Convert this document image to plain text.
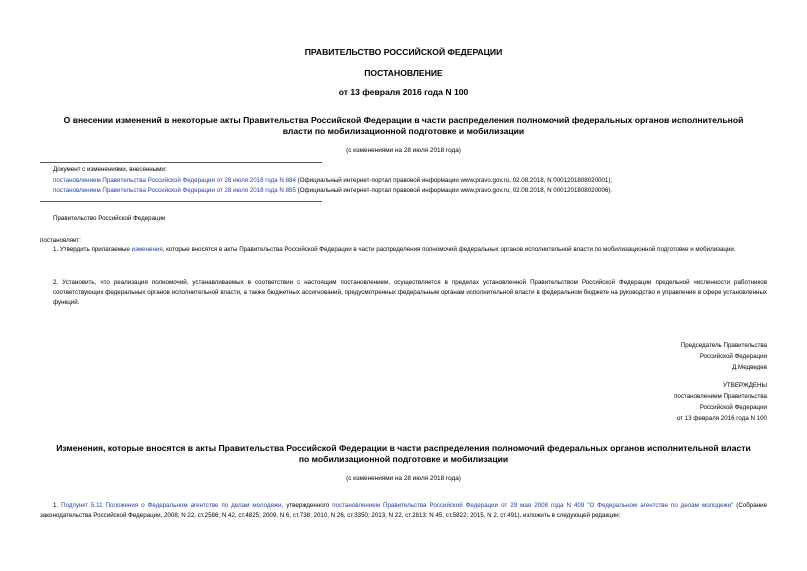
ПРАВИТЕЛЬСТВО РОССИЙСКОЙ ФЕДЕРАЦИИ
ПОСТАНОВЛЕНИЕ
от 13 февраля 2016 года N 100
О внесении изменений в некоторые акты Правительства Российской Федерации в части распределения полномочий федеральных органов исполнительной
власти по мобилизационной подготовке и мобилизации
(с изменениями на 28 июля 2018 года)
Документ с изменениями, внесенными:
постановлением Правительства Российской Федерации от 28 июля 2018 года N 884 (Официальный интернет-портал правовой информации www.pravo.gov.ru, 02.08.2018, N 0001201808020001);
постановлением Правительства Российской Федерации от 28 июля 2018 года N 885 (Официальный интернет-портал правовой информации www.pravo.gov.ru, 02.08.2018, N 0001201808020006).
Правительство Российской Федерации
постановляет:
1. Утвердить прилагаемые изменения, которые вносятся в акты Правительства Российской Федерации в части распределения полномочий федеральных органов исполнительной власти по мобилизационной подготовке и мобилизации.
2. Установить, что реализация полномочий, устанавливаемых в соответствии с настоящим постановлением, осуществляется в пределах установленной Правительством Российской Федерации предельной численности работников соответствующих федеральных органов исполнительной власти, а также бюджетных ассигнований, предусмотренных федеральным органам исполнительной власти в федеральном бюджете на руководство и управление в сфере установленных функций.
Председатель Правительства
Российской Федерации
Д.Медведев
УТВЕРЖДЕНЫ
постановлением Правительства
Российской Федерации
от 13 февраля 2016 года N 100
Изменения, которые вносятся в акты Правительства Российской Федерации в части распределения полномочий федеральных органов исполнительной власти
по мобилизационной подготовке и мобилизации
(с изменениями на 28 июля 2018 года)
1. Подпункт 5.11 Положения о Федеральном агентстве по делам молодежи, утвержденного постановлением Правительства Российской Федерации от 29 мая 2008 года N 409 "О Федеральном агентстве по делам молодежи" (Собрание законодательства Российской Федерации, 2008, N 22, ст.2586; N 42, ст.4825; 2009, N 6, ст.738; 2010, N 26, ст.3350; 2013, N 22, ст.2813; N 45, ст.5822; 2015, N 2, ст.491), изложить в следующей редакции:
